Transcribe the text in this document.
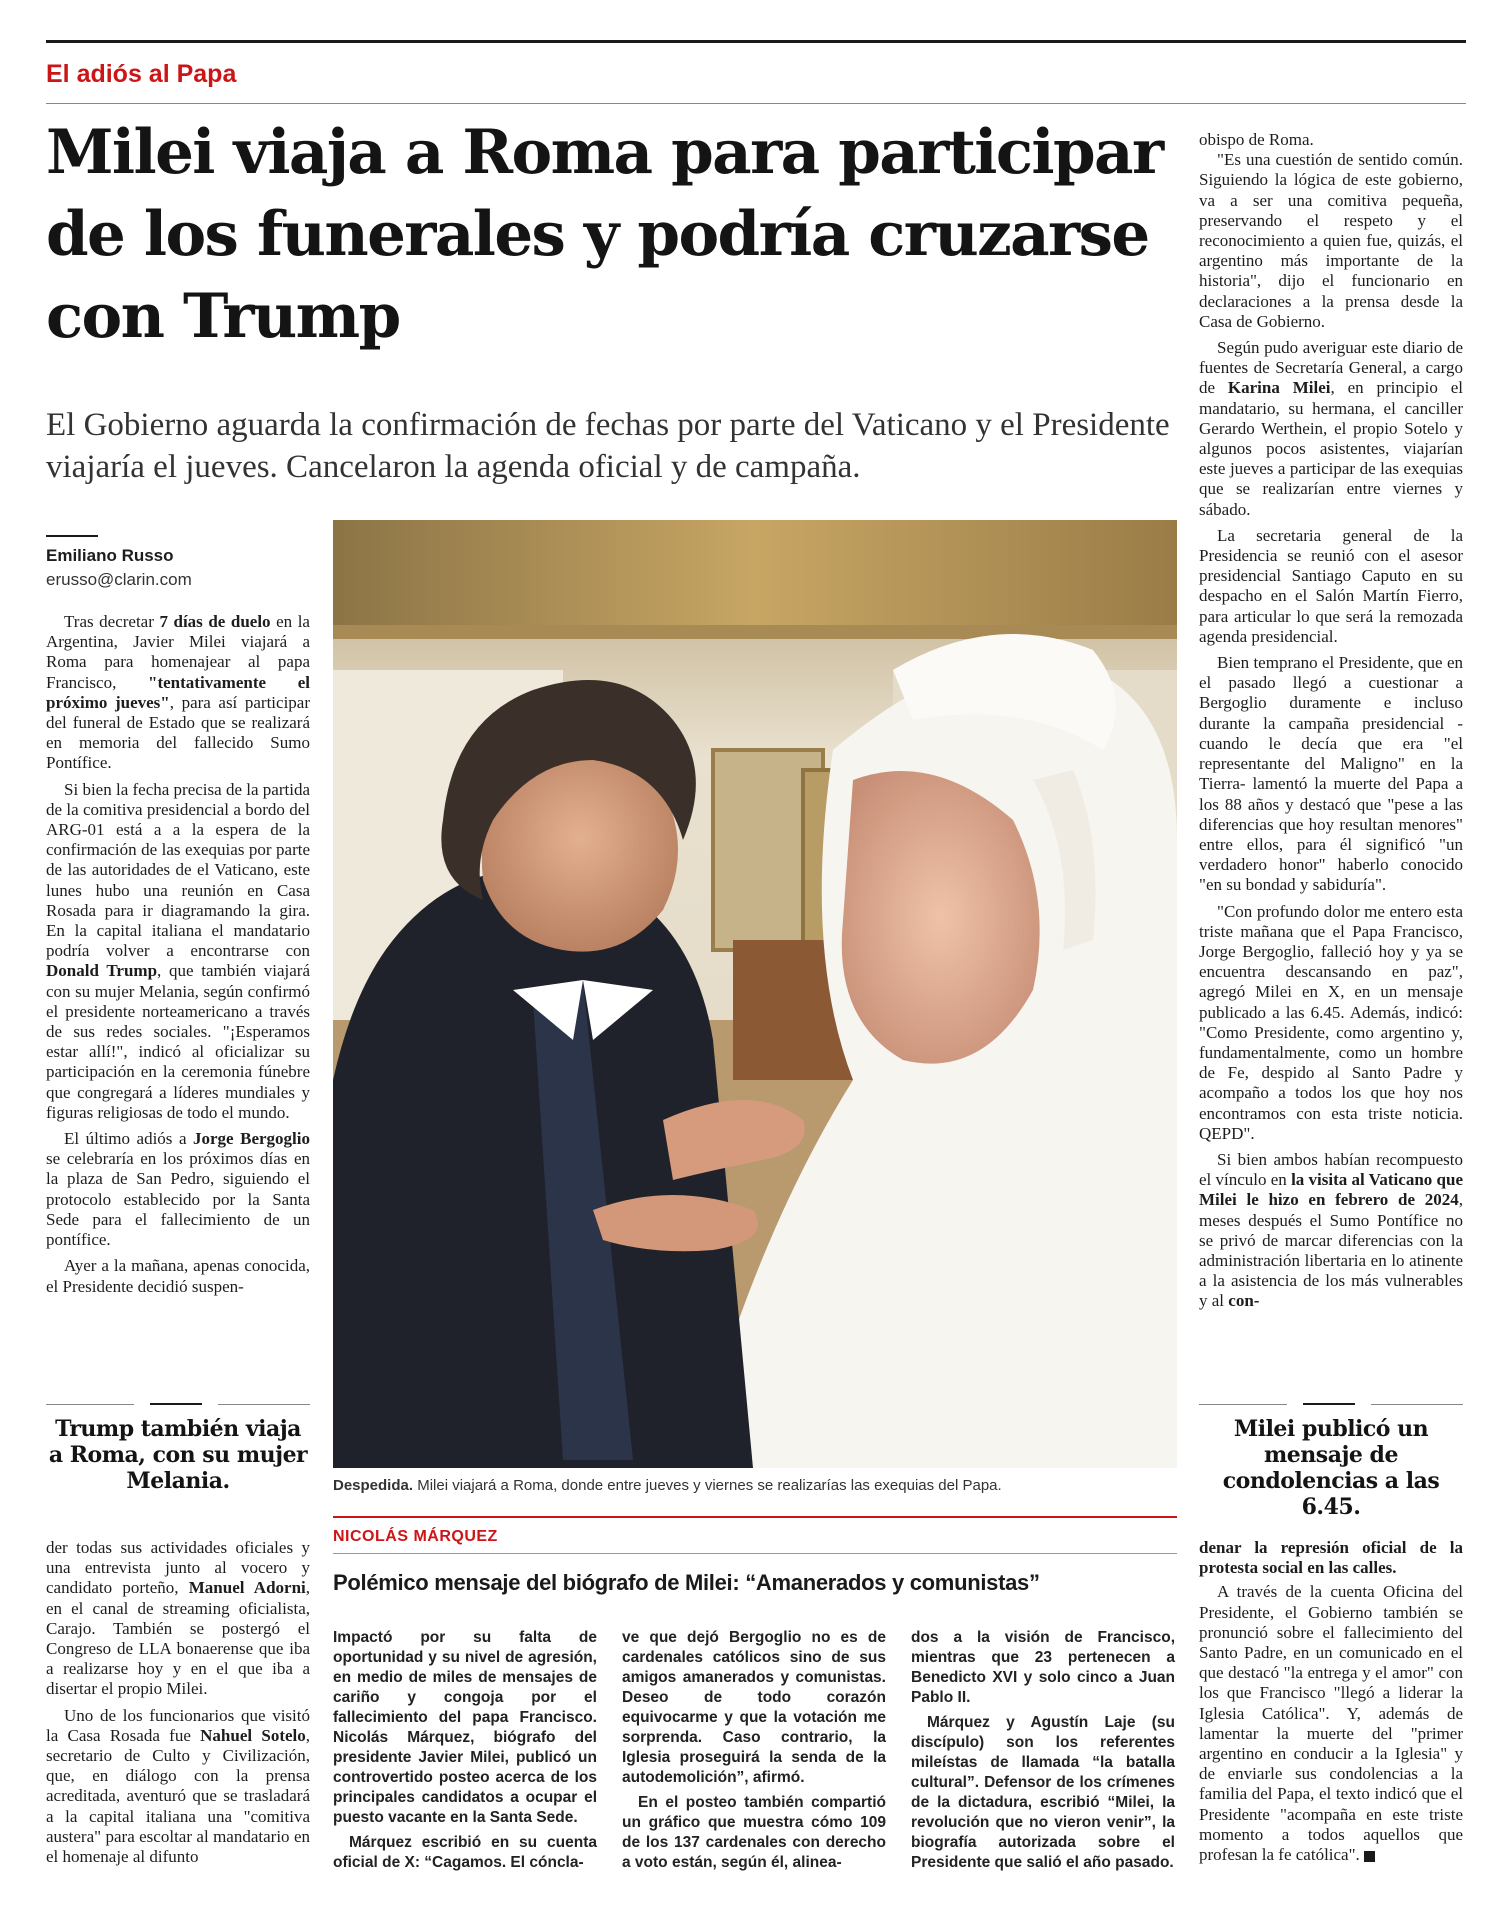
El adiós al Papa
Milei viaja a Roma para participar de los funerales y podría cruzarse con Trump
El Gobierno aguarda la confirmación de fechas por parte del Vaticano y el Presidente viajaría el jueves. Cancelaron la agenda oficial y de campaña.
Emiliano Russo
erusso@clarin.com

Tras decretar 7 días de duelo en la Argentina, Javier Milei viajará a Roma para homenajear al papa Francisco, "tentativamente el próximo jueves", para así participar del funeral de Estado que se realizará en memoria del fallecido Sumo Pontífice.

Si bien la fecha precisa de la partida de la comitiva presidencial a bordo del ARG-01 está a a la espera de la confirmación de las exequias por parte de las autoridades de el Vaticano, este lunes hubo una reunión en Casa Rosada para ir diagramando la gira. En la capital italiana el mandatario podría volver a encontrarse con Donald Trump, que también viajará con su mujer Melania, según confirmó el presidente norteamericano a través de sus redes sociales. "¡Esperamos estar allí!", indicó al oficializar su participación en la ceremonia fúnebre que congregará a líderes mundiales y figuras religiosas de todo el mundo.

El último adiós a Jorge Bergoglio se celebraría en los próximos días en la plaza de San Pedro, siguiendo el protocolo establecido por la Santa Sede para el fallecimiento de un pontífice.

Ayer a la mañana, apenas conocida, el Presidente decidió suspen-

Trump también viaja a Roma, con su mujer Melania.

der todas sus actividades oficiales y una entrevista junto al vocero y candidato porteño, Manuel Adorni, en el canal de streaming oficialista, Carajo. También se postergó el Congreso de LLA bonaerense que iba a realizarse hoy y en el que iba a disertar el propio Milei.

Uno de los funcionarios que visitó la Casa Rosada fue Nahuel Sotelo, secretario de Culto y Civilización, que, en diálogo con la prensa acreditada, aventuró que se trasladará a la capital italiana una "comitiva austera" para escoltar al mandatario en el homenaje al difunto

Despedida. Milei viajará a Roma, donde entre jueves y viernes se realizarías las exequias del Papa.

obispo de Roma.

"Es una cuestión de sentido común. Siguiendo la lógica de este gobierno, va a ser una comitiva pequeña, preservando el respeto y el reconocimiento a quien fue, quizás, el argentino más importante de la historia", dijo el funcionario en declaraciones a la prensa desde la Casa de Gobierno.

Según pudo averiguar este diario de fuentes de Secretaría General, a cargo de Karina Milei, en principio el mandatario, su hermana, el canciller Gerardo Werthein, el propio Sotelo y algunos pocos asistentes, viajarían este jueves a participar de las exequias que se realizarían entre viernes y sábado.

La secretaria general de la Presidencia se reunió con el asesor presidencial Santiago Caputo en su despacho en el Salón Martín Fierro, para articular lo que será la remozada agenda presidencial.

Bien temprano el Presidente, que en el pasado llegó a cuestionar a Bergoglio duramente e incluso durante la campaña presidencial - cuando le decía que era "el representante del Maligno" en la Tierra- lamentó la muerte del Papa a los 88 años y destacó que "pese a las diferencias que hoy resultan menores" entre ellos, para él significó "un verdadero honor" haberlo conocido "en su bondad y sabiduría".

"Con profundo dolor me entero esta triste mañana que el Papa Francisco, Jorge Bergoglio, falleció hoy y ya se encuentra descansando en paz", agregó Milei en X, en un mensaje publicado a las 6.45. Además, indicó: "Como Presidente, como argentino y, fundamentalmente, como un hombre de Fe, despido al Santo Padre y acompaño a todos los que hoy nos encontramos con esta triste noticia. QEPD".

Si bien ambos habían recompuesto el vínculo en la visita al Vaticano que Milei le hizo en febrero de 2024, meses después el Sumo Pontífice no se privó de marcar diferencias con la administración libertaria en lo atinente a la asistencia de los más vulnerables y al con-

Milei publicó un mensaje de condolencias a las 6.45.

denar la represión oficial de la protesta social en las calles.

A través de la cuenta Oficina del Presidente, el Gobierno también se pronunció sobre el fallecimiento del Santo Padre, en un comunicado en el que destacó "la entrega y el amor" con los que Francisco "llegó a liderar la Iglesia Católica". Y, además de lamentar la muerte del "primer argentino en conducir a la Iglesia" y de enviarle sus condolencias a la familia del Papa, el texto indicó que el Presidente "acompaña en este triste momento a todos aquellos que profesan la fe católica".

NICOLÁS MÁRQUEZ
Polémico mensaje del biógrafo de Milei: “Amanerados y comunistas”

Impactó por su falta de oportunidad y su nivel de agresión, en medio de miles de mensajes de cariño y congoja por el fallecimiento del papa Francisco. Nicolás Márquez, biógrafo del presidente Javier Milei, publicó un controvertido posteo acerca de los principales candidatos a ocupar el puesto vacante en la Santa Sede.

Márquez escribió en su cuenta oficial de X: “Cagamos. El cóncla-

ve que dejó Bergoglio no es de cardenales católicos sino de sus amigos amanerados y comunistas. Deseo de todo corazón equivocarme y que la votación me sorprenda. Caso contrario, la Iglesia proseguirá la senda de la autodemolición”, afirmó.

En el posteo también compartió un gráfico que muestra cómo 109 de los 137 cardenales con derecho a voto están, según él, alinea-

dos a la visión de Francisco, mientras que 23 pertenecen a Benedicto XVI y solo cinco a Juan Pablo II.

Márquez y Agustín Laje (su discípulo) son los referentes mileístas de llamada “la batalla cultural”. Defensor de los crímenes de la dictadura, escribió “Milei, la revolución que no vieron venir”, la biografía autorizada sobre el Presidente que salió el año pasado.
